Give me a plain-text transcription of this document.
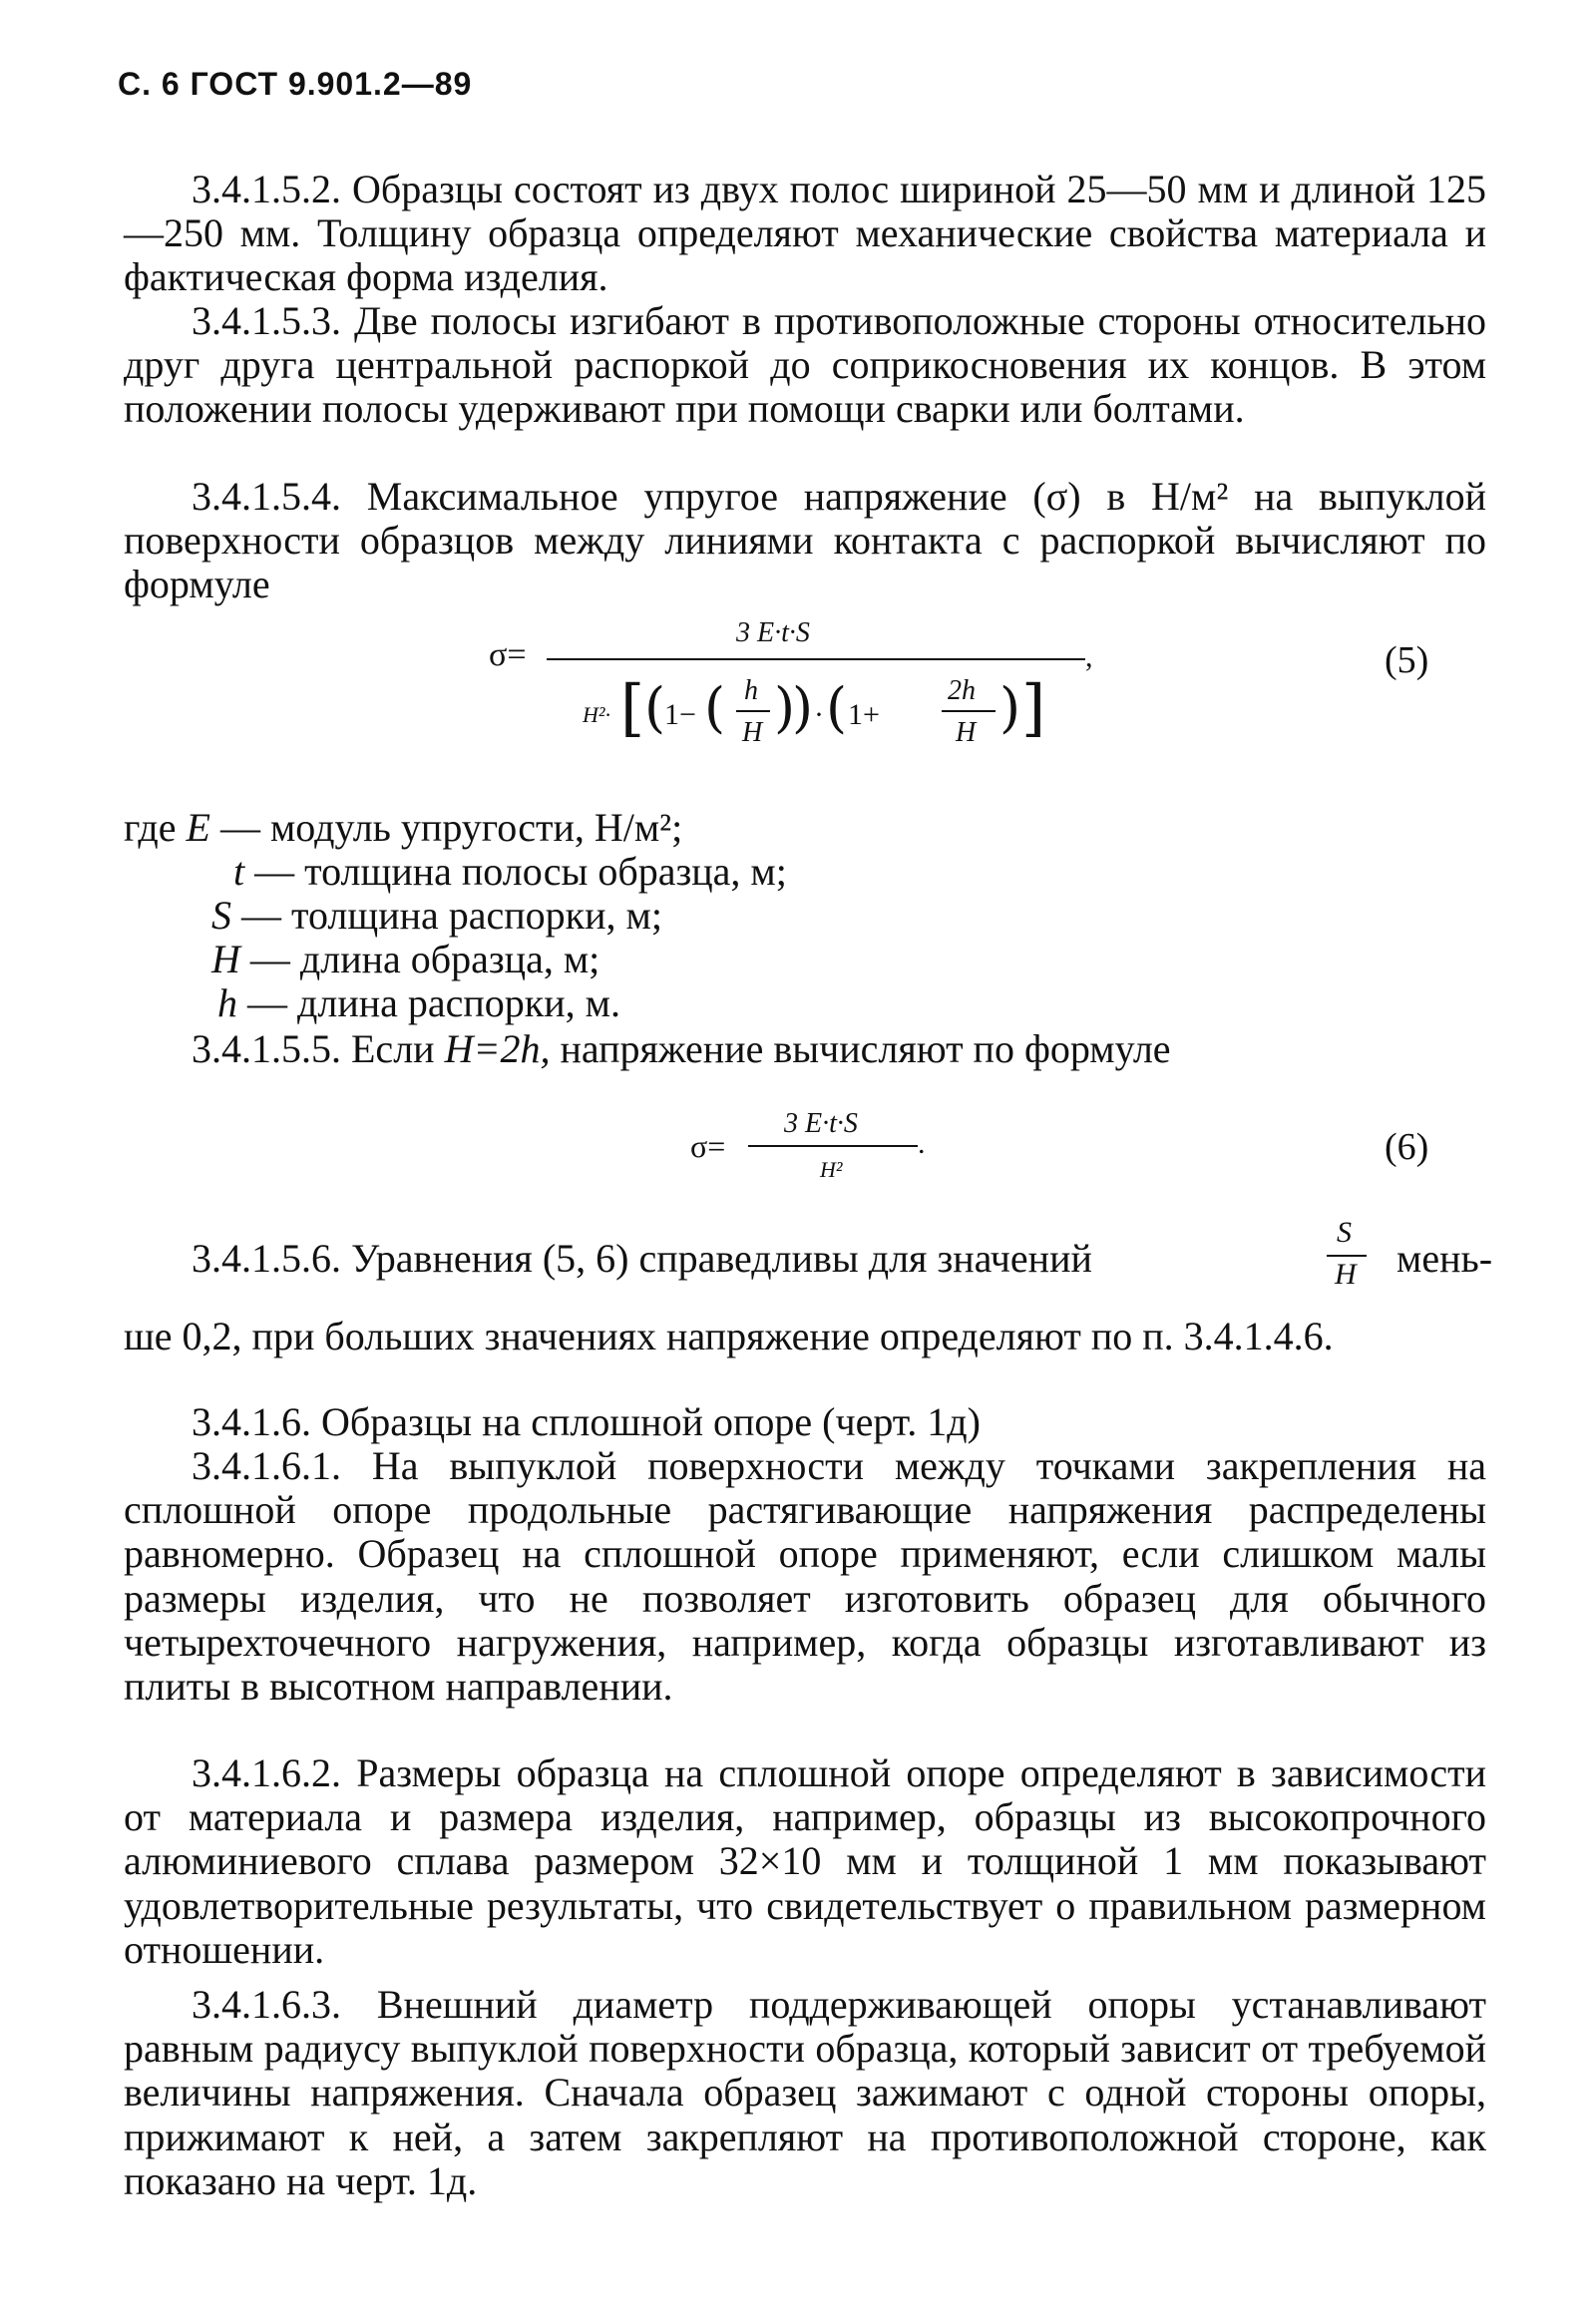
С. 6 ГОСТ 9.901.2—89
3.4.1.5.2. Образцы состоят из двух полос шириной 25—50 мм и длиной 125—250 мм. Толщину образца определяют механические свойства материала и фактическая форма изделия.
3.4.1.5.3. Две полосы изгибают в противоположные стороны относительно друг друга центральной распоркой до соприкосновения их концов. В этом положении полосы удерживают при помощи сварки или болтами.
3.4.1.5.4. Максимальное упругое напряжение (σ) в Н/м² на выпуклой поверхности образцов между линиями контакта с распоркой вычисляют по формуле
σ=
3 E·t·S
,
H²· [ (
1− ( h
H )
) · ( 1+
2h
H ) ]
(5)
где E — модуль упругости, Н/м²;
t — толщина полосы образца, м;
S — толщина распорки, м;
H — длина образца, м;
h — длина распорки, м.
3.4.1.5.5. Если H=2h, напряжение вычисляют по формуле
σ=
3 E·t·S
H²
.	(6)
3.4.1.5.6. Уравнения (5, 6) справедливы для значений
S
H мень-
ше 0,2, при больших значениях напряжение определяют по п. 3.4.1.4.6.
3.4.1.6. Образцы на сплошной опоре (черт. 1д)
3.4.1.6.1. На выпуклой поверхности между точками закрепления на сплошной опоре продольные растягивающие напряжения распределены равномерно. Образец на сплошной опоре применяют, если слишком малы размеры изделия, что не позволяет изготовить образец для обычного четырехточечного нагружения, например, когда образцы изготавливают из плиты в высотном направлении.
3.4.1.6.2. Размеры образца на сплошной опоре определяют в зависимости от материала и размера изделия, например, образцы из высокопрочного алюминиевого сплава размером 32×10 мм и толщиной 1 мм показывают удовлетворительные результаты, что свидетельствует о правильном размерном отношении.
3.4.1.6.3. Внешний диаметр поддерживающей опоры устанавливают равным радиусу выпуклой поверхности образца, который зависит от требуемой величины напряжения. Сначала образец зажимают с одной стороны опоры, прижимают к ней, а затем закрепляют на противоположной стороне, как показано на черт. 1д.
